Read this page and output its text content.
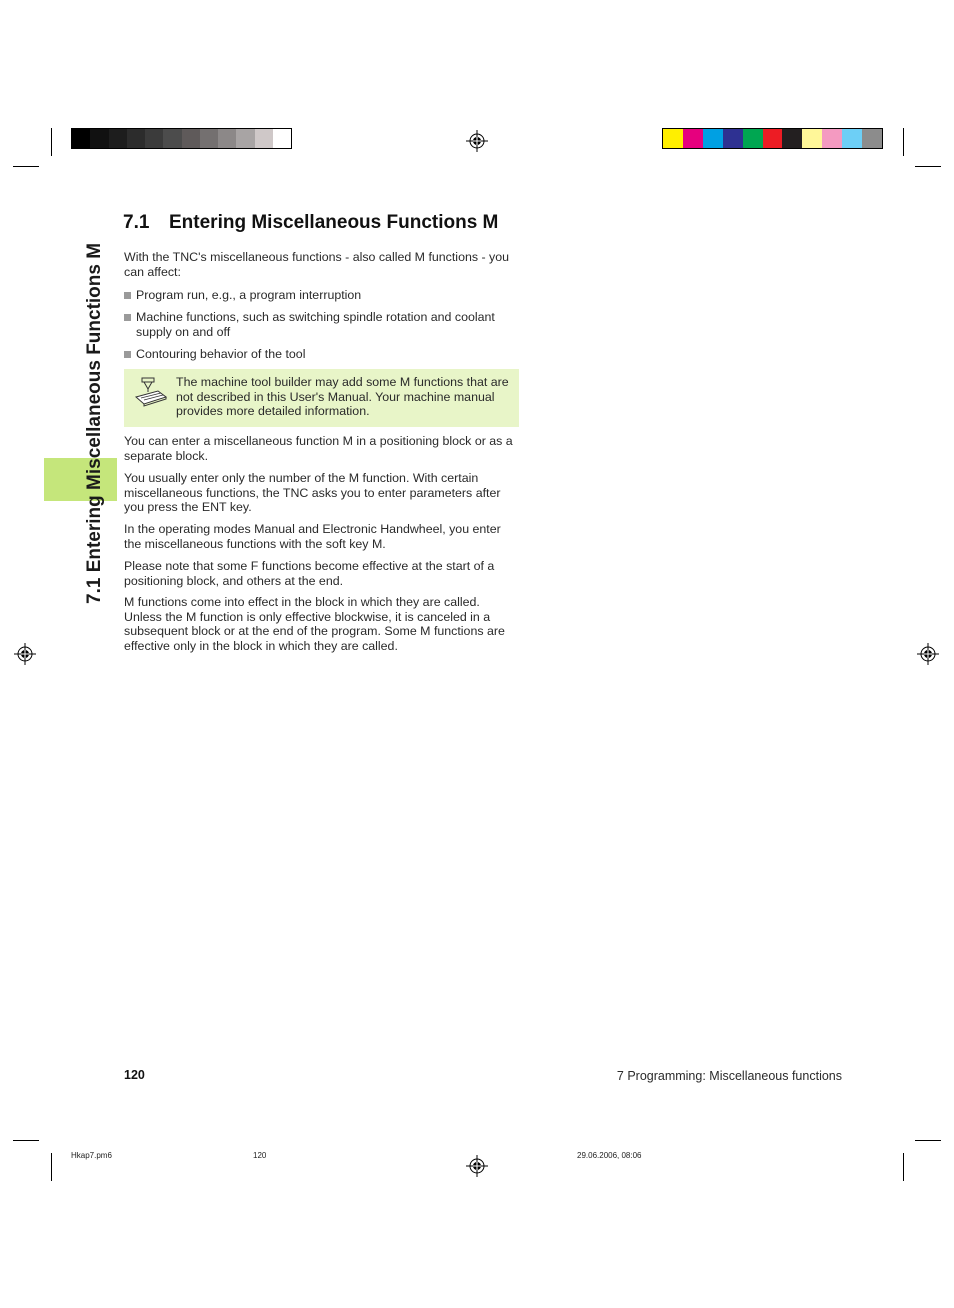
7.1 Entering Miscellaneous Functions M
7.1 Entering Miscellaneous Functions M
With the TNC's miscellaneous functions - also called M functions - you can affect:
Program run, e.g., a program interruption
Machine functions, such as switching spindle rotation and coolant supply on and off
Contouring behavior of the tool
The machine tool builder may add some M functions that are not described in this User's Manual. Your machine manual provides more detailed information.
You can enter a miscellaneous function M in a positioning block or as a separate block.
You usually enter only the number of the M function. With certain miscellaneous functions, the TNC asks you to enter parameters after you press the ENT key.
In the operating modes Manual and Electronic Handwheel, you enter the miscellaneous functions with the soft key M.
Please note that some F functions become effective at the start of a positioning block, and others at the end.
M functions come into effect in the block in which they are called. Unless the M function is only effective blockwise, it is canceled in a subsequent block or at the end of the program. Some M functions are effective only in the block in which they are called.
120	7 Programming: Miscellaneous functions
Hkap7.pm6	120	29.06.2006, 08:06
